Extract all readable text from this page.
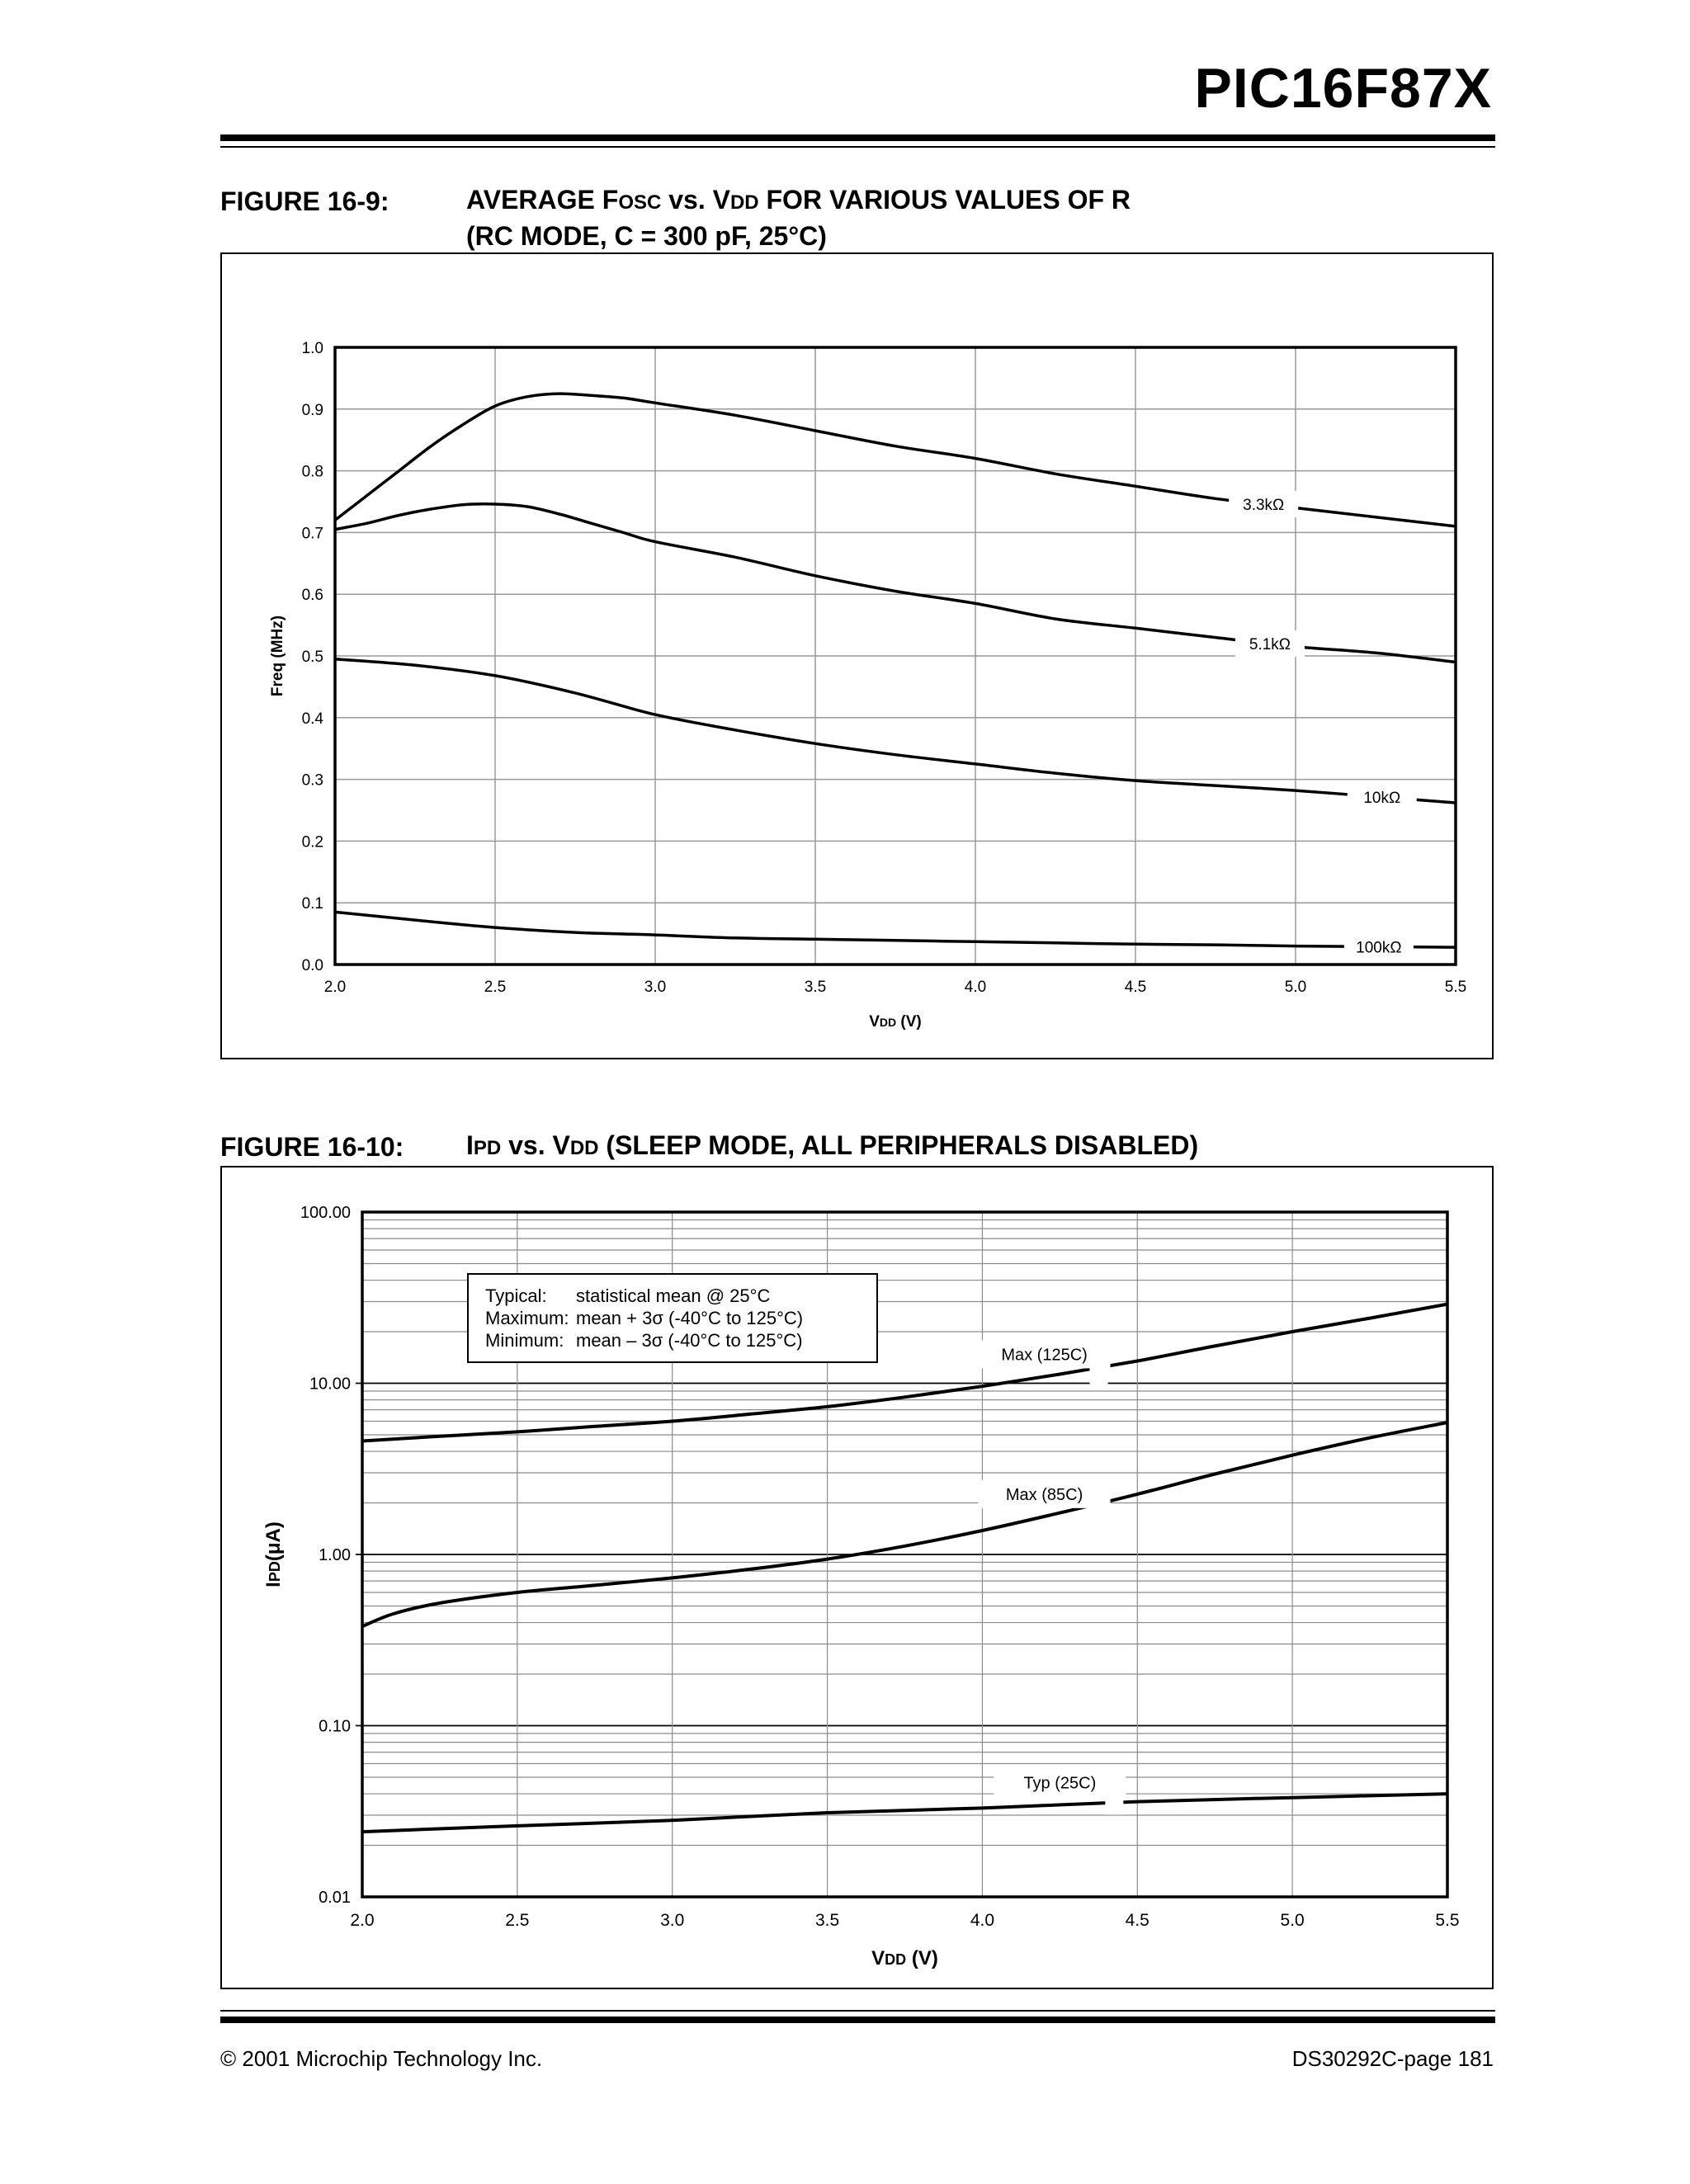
PIC16F87X
FIGURE 16-9:	AVERAGE FOSC vs. VDD FOR VARIOUS VALUES OF R
(RC MODE, C = 300 pF, 25°C)
2.0	2.5	3.0	3.5	4.0	4.5	5.0	5.5
0.0
0.1
0.2
0.3
0.4
0.5
0.6
0.7
0.8
0.9
1.0
3.3kΩ
5.1kΩ
10kΩ
100kΩ
VDD (V)
Freq (MHz)
FIGURE 16-10: IPD vs. VDD (SLEEP MODE, ALL PERIPHERALS DISABLED)
0.01
0.10
1.00
10.00
100.00
2.0	2.5	3.0	3.5	4.0	4.5	5.0	5.5
Max (125C)
Max (85C)
Typ (25C)
VDD (V)
IPD(μA)
Typical:	statistical mean @ 25°C
Maximum: mean + 3σ (-40°C to 125°C)
Minimum: mean – 3σ (-40°C to 125°C)
© 2001 Microchip Technology Inc.	DS30292C-page 181
